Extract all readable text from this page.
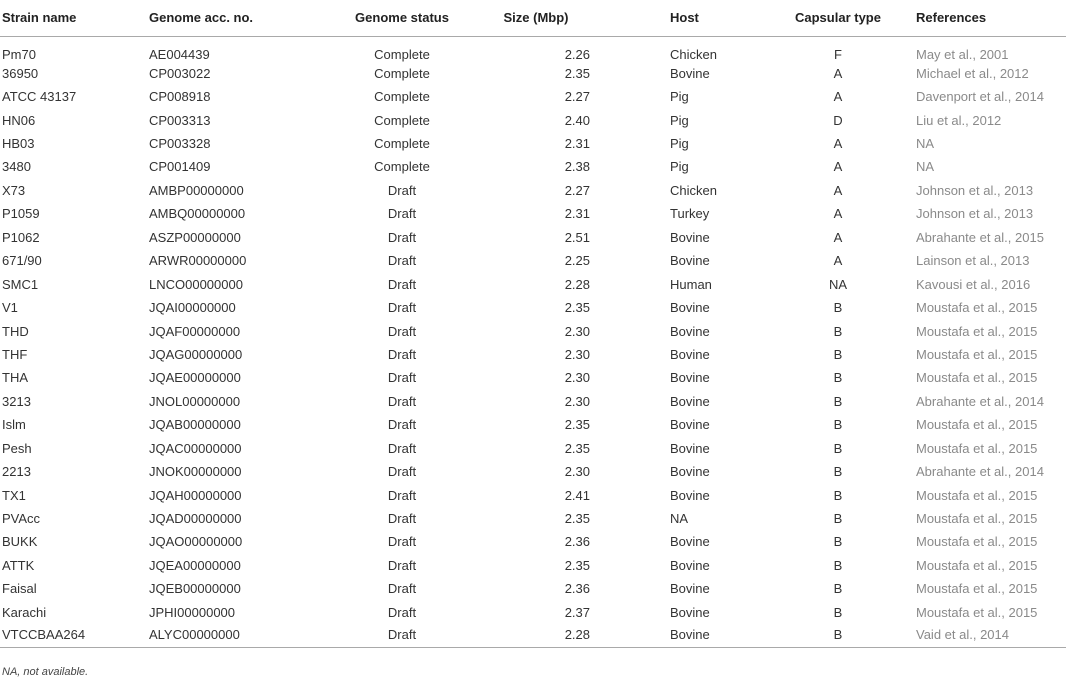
Strain name	Genome acc. no.	Genome status	Size (Mbp)	Host	Capsular type	References
Pm70	AE004439	Complete	2.26	Chicken	F	May et al., 2001
36950	CP003022	Complete	2.35	Bovine	A	Michael et al., 2012
ATCC 43137	CP008918	Complete	2.27	Pig	A	Davenport et al., 2014
HN06	CP003313	Complete	2.40	Pig	D	Liu et al., 2012
HB03	CP003328	Complete	2.31	Pig	A	NA
3480	CP001409	Complete	2.38	Pig	A	NA
X73	AMBP00000000	Draft	2.27	Chicken	A	Johnson et al., 2013
P1059	AMBQ00000000	Draft	2.31	Turkey	A	Johnson et al., 2013
P1062	ASZP00000000	Draft	2.51	Bovine	A	Abrahante et al., 2015
671/90	ARWR00000000	Draft	2.25	Bovine	A	Lainson et al., 2013
SMC1	LNCO00000000	Draft	2.28	Human	NA	Kavousi et al., 2016
V1	JQAI00000000	Draft	2.35	Bovine	B	Moustafa et al., 2015
THD	JQAF00000000	Draft	2.30	Bovine	B	Moustafa et al., 2015
THF	JQAG00000000	Draft	2.30	Bovine	B	Moustafa et al., 2015
THA	JQAE00000000	Draft	2.30	Bovine	B	Moustafa et al., 2015
3213	JNOL00000000	Draft	2.30	Bovine	B	Abrahante et al., 2014
Islm	JQAB00000000	Draft	2.35	Bovine	B	Moustafa et al., 2015
Pesh	JQAC00000000	Draft	2.35	Bovine	B	Moustafa et al., 2015
2213	JNOK00000000	Draft	2.30	Bovine	B	Abrahante et al., 2014
TX1	JQAH00000000	Draft	2.41	Bovine	B	Moustafa et al., 2015
PVAcc	JQAD00000000	Draft	2.35	NA	B	Moustafa et al., 2015
BUKK	JQAO00000000	Draft	2.36	Bovine	B	Moustafa et al., 2015
ATTK	JQEA00000000	Draft	2.35	Bovine	B	Moustafa et al., 2015
Faisal	JQEB00000000	Draft	2.36	Bovine	B	Moustafa et al., 2015
Karachi	JPHI00000000	Draft	2.37	Bovine	B	Moustafa et al., 2015
VTCCBAA264	ALYC00000000	Draft	2.28	Bovine	B	Vaid et al., 2014
NA, not available.
